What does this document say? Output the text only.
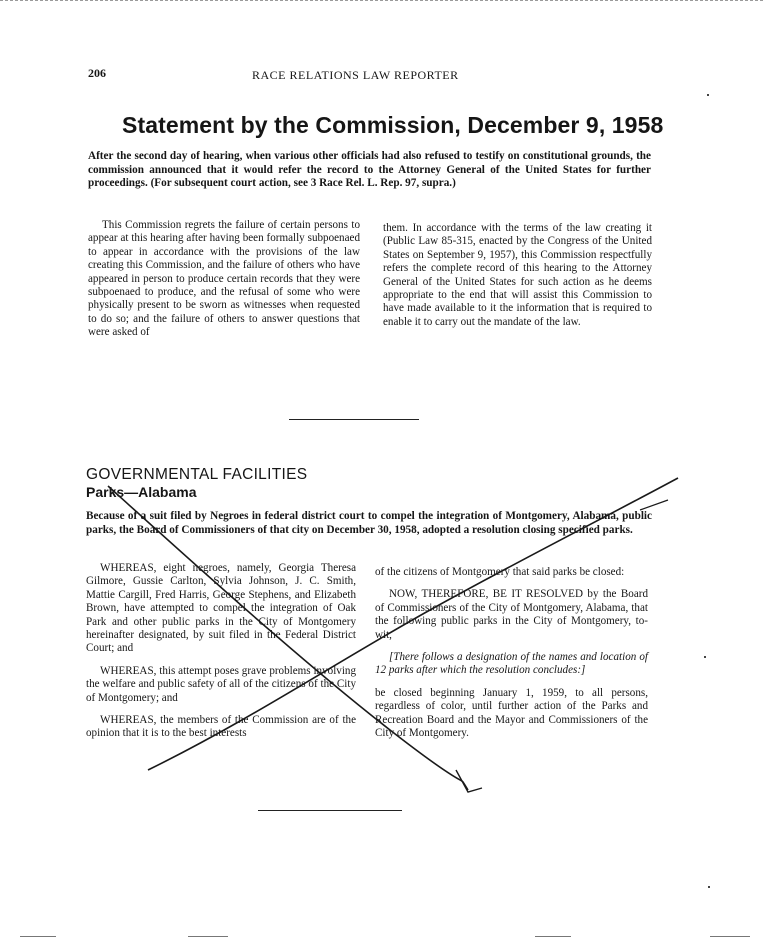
206	RACE RELATIONS LAW REPORTER
Statement by the Commission, December 9, 1958
After the second day of hearing, when various other officials had also refused to testify on constitutional grounds, the commission announced that it would refer the record to the Attorney General of the United States for further proceedings. (For subsequent court action, see 3 Race Rel. L. Rep. 97, supra.)

This Commission regrets the failure of certain persons to appear at this hearing after having been formally subpoenaed to appear in accordance with the provisions of the law creating this Commission, and the failure of others who have appeared in person to produce certain records that they were subpoenaed to produce, and the refusal of some who were physically present to be sworn as witnesses when requested to do so; and the failure of others to answer questions that were asked of

them. In accordance with the terms of the law creating it (Public Law 85-315, enacted by the Congress of the United States on September 9, 1957), this Commission respectfully refers the complete record of this hearing to the Attorney General of the United States for such action as he deems appropriate to the end that will assist this Commission to have made available to it the information that is required to enable it to carry out the mandate of the law.

GOVERNMENTAL FACILITIES
Parks—Alabama
Because of a suit filed by Negroes in federal district court to compel the integration of Montgomery, Alabama, public parks, the Board of Commissioners of that city on December 30, 1958, adopted a resolution closing specified parks.

WHEREAS, eight negroes, namely, Georgia Theresa Gilmore, Gussie Carlton, Sylvia Johnson, J. C. Smith, Mattie Cargill, Fred Harris, George Stephens, and Elizabeth Brown, have attempted to compel the integration of Oak Park and other public parks in the City of Montgomery hereinafter designated, by suit filed in the Federal District Court; and

WHEREAS, this attempt poses grave problems involving the welfare and public safety of all of the citizens of the City of Montgomery; and

WHEREAS, the members of the Commission are of the opinion that it is to the best interests

of the citizens of Montgomery that said parks be closed:

NOW, THEREFORE, BE IT RESOLVED by the Board of Commissioners of the City of Montgomery, Alabama, that the following public parks in the City of Montgomery, to-wit,

[There follows a designation of the names and location of 12 parks after which the resolution concludes:]

be closed beginning January 1, 1959, to all persons, regardless of color, until further action of the Parks and Recreation Board and the Mayor and Commissioners of the City of Montgomery.
